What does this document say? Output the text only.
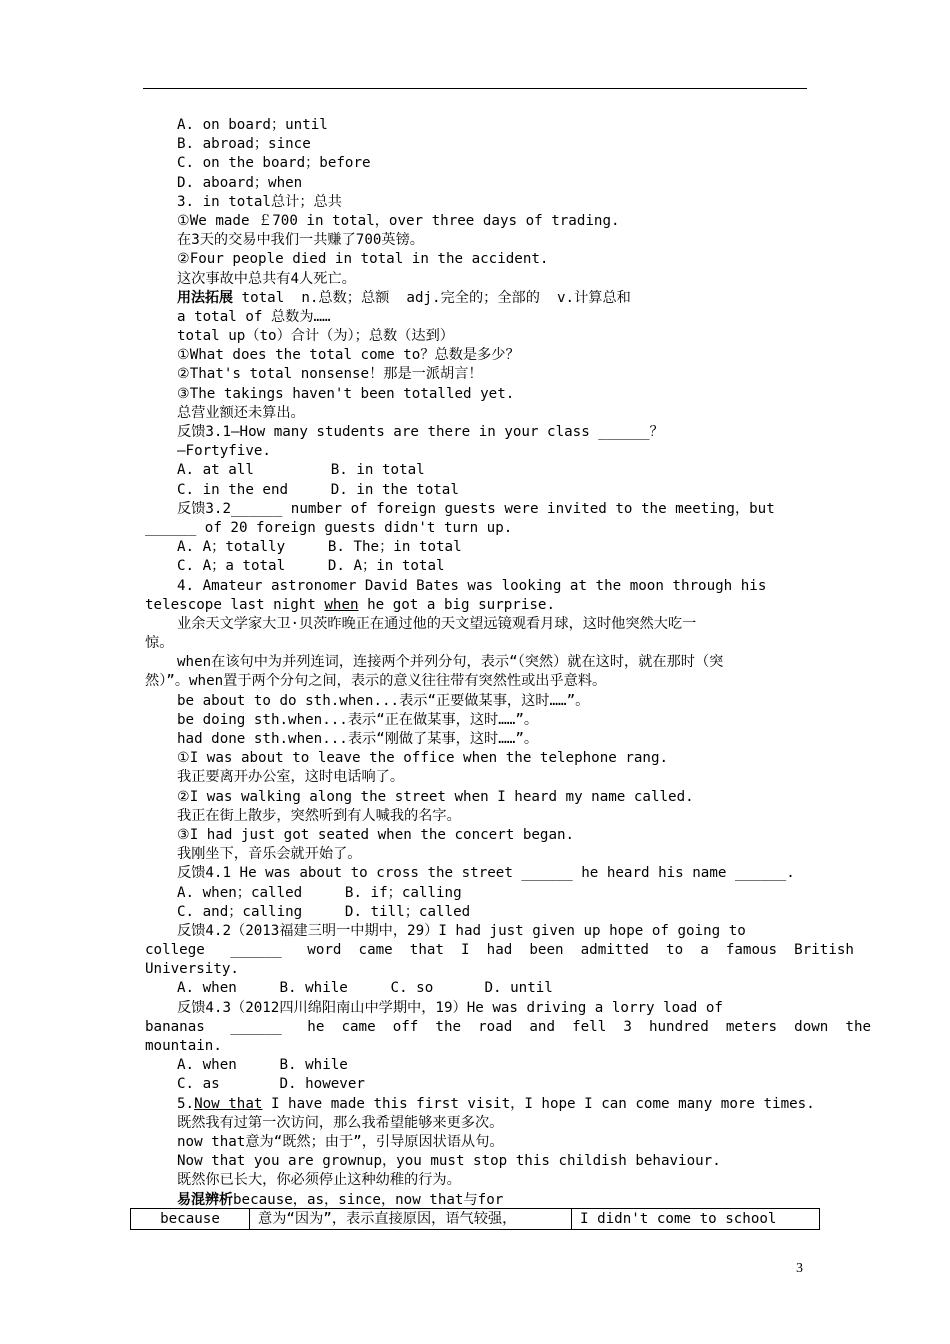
A. on board；until
B. abroad；since
C. on the board；before
D. aboard；when
3. in total总计；总共
①We made ￡700 in total，over three days of trading.
在3天的交易中我们一共赚了700英镑。
②Four people died in total in the accident.
这次事故中总共有4人死亡。
用法拓展 total  n.总数；总额  adj.完全的；全部的  v.计算总和
a total of 总数为……
total up（to）合计（为）；总数（达到）
①What does the total come to？总数是多少？
②That's total nonsense！那是一派胡言！
③The takings haven't been totalled yet.
总营业额还未算出。
反馈3.1—How many students are there in your class ______？
—Fortyfive.
A. at all         B. in total
C. in the end     D. in the total
反馈3.2______ number of foreign guests were invited to the meeting，but
______ of 20 foreign guests didn't turn up.
A. A；totally     B. The；in total
C. A；a total     D. A；in total
4. Amateur astronomer David Bates was looking at the moon through his
telescope last night when he got a big surprise.
业余天文学家大卫·贝茨昨晚正在通过他的天文望远镜观看月球，这时他突然大吃一
惊。
when在该句中为并列连词，连接两个并列分句，表示“（突然）就在这时，就在那时（突
然）”。when置于两个分句之间，表示的意义往往带有突然性或出乎意料。
be about to do sth.when...表示“正要做某事，这时……”。
be doing sth.when...表示“正在做某事，这时……”。
had done sth.when...表示“刚做了某事，这时……”。
①I was about to leave the office when the telephone rang.
我正要离开办公室，这时电话响了。
②I was walking along the street when I heard my name called.
我正在街上散步，突然听到有人喊我的名字。
③I had just got seated when the concert began.
我刚坐下，音乐会就开始了。
反馈4.1 He was about to cross the street ______ he heard his name ______.
A. when；called     B. if；calling
C. and；calling     D. till；called
反馈4.2（2013福建三明一中期中，29）I had just given up hope of going to
college   ______   word  came  that  I  had  been  admitted  to  a  famous  British
University.
A. when     B. while     C. so      D. until
反馈4.3（2012四川绵阳南山中学期中，19）He was driving a lorry load of
bananas   ______   he  came  off  the  road  and  fell  3  hundred  meters  down  the
mountain.
A. when     B. while
C. as       D. however
5.Now that I have made this first visit，I hope I can come many more times.
既然我有过第一次访问，那么我希望能够来更多次。
now that意为“既然；由于”，引导原因状语从句。
Now that you are grownup，you must stop this childish behaviour.
既然你已长大，你必须停止这种幼稚的行为。
易混辨析because，as，since，now that与for
because	意为“因为”，表示直接原因，语气较强，	I didn't come to school
3
